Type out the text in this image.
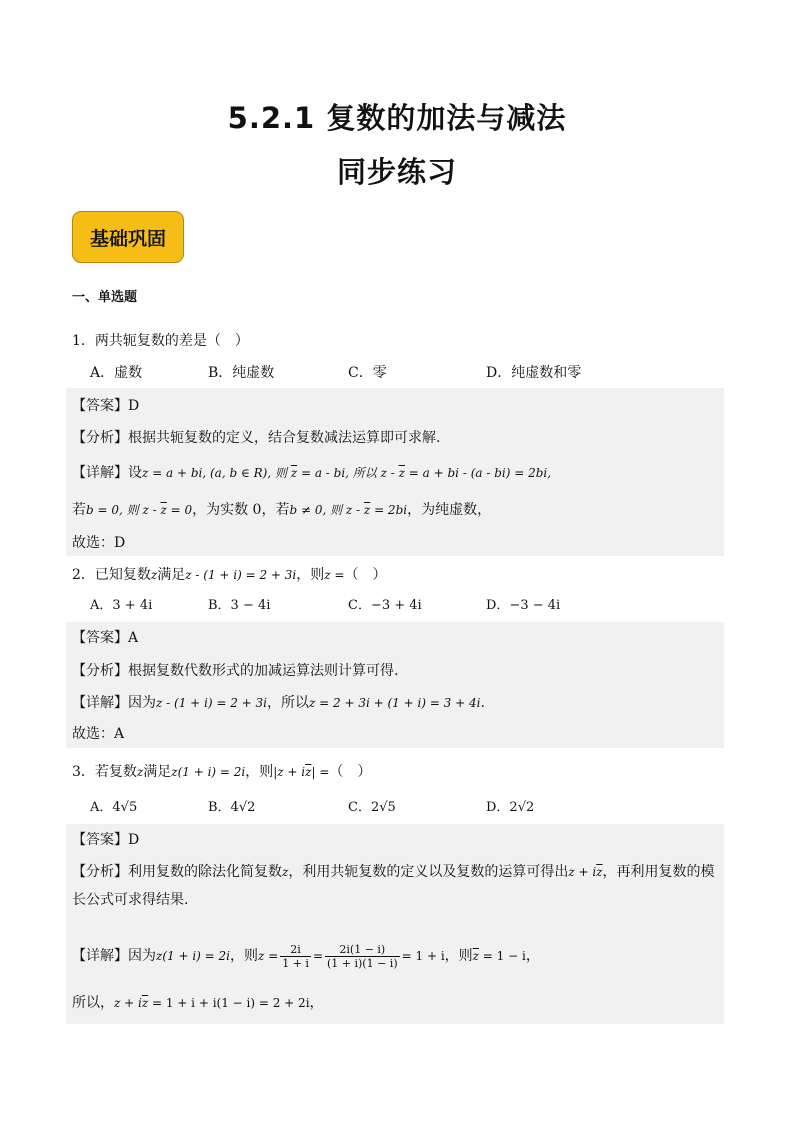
5.2.1 复数的加法与减法
同步练习
基础巩固
一、单选题
1．两共轭复数的差是（　）
A．虚数	B．纯虚数	C．零	D．纯虚数和零
【答案】D
【分析】根据共轭复数的定义，结合复数减法运算即可求解.
【详解】设z = a + bi, (a, b ∈ R), 则 $\overline{z} = a$ - bi, 所以 $z - \overline{z} = a$ + bi - (a - bi) = 2bi,
若b = 0, 则 $z - \overline{z} = 0$，为实数 0，若b ≠ 0, 则 $z - \overline{z} = 2bi$，为纯虚数，
故选：D
2．已知复数z满足z - (1 + i) = 2 + 3i，则z =（　）
A．3 + 4i	B．3 − 4i	C．−3 + 4i	D．−3 − 4i
【答案】A
【分析】根据复数代数形式的加减运算法则计算可得.
【详解】因为z - (1 + i) = 2 + 3i，所以z = 2 + 3i + (1 + i) = 3 + 4i.
故选：A
3．若复数z满足z(1 + i) = 2i，则$|z + i\overline{z}|$ =（　）
A．4√5	B．4√2	C．2√5	D．2√2
【答案】D
【分析】利用复数的除法化简复数z，利用共轭复数的定义以及复数的运算可得出$z + i\overline{z}$，再利用复数的模
长公式可求得结果.
【详解】因为z(1 + i) = 2i，则$z = \frac{2i}{1 + i} = \frac{2i(1 - i)}{(1 + i)(1 - i)} = 1 + i$，则$\overline{z} = 1 - i$，
所以，$z + i\overline{z} = 1 + i + i(1 - i) = 2 + 2i$，
